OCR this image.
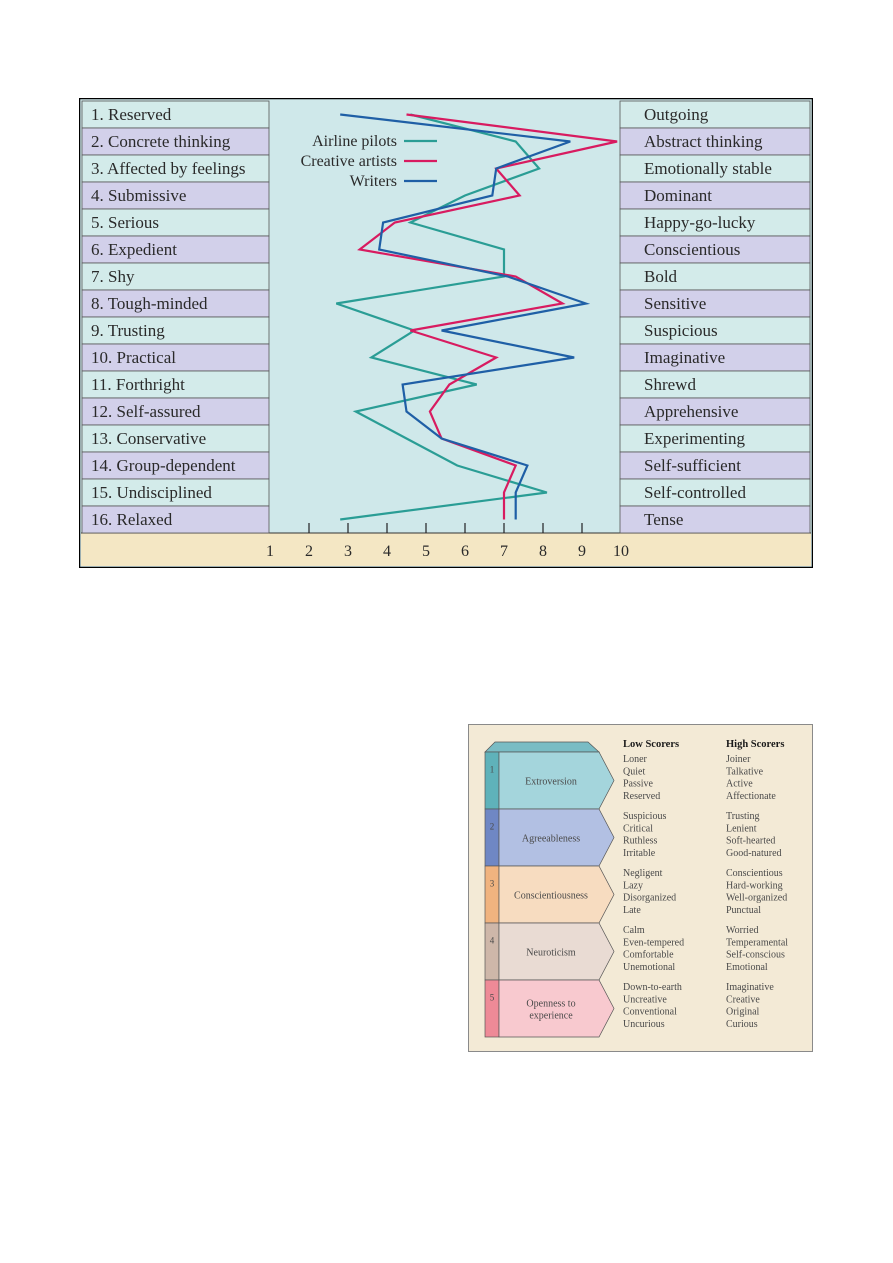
1. Reserved
2. Concrete thinking
3. Affected by feelings
4. Submissive
5. Serious
6. Expedient
7. Shy
8. Tough-minded
9. Trusting
10. Practical
11. Forthright
12. Self-assured
13. Conservative
14. Group-dependent
15. Undisciplined
16. Relaxed
Outgoing
Abstract thinking
Emotionally stable
Dominant
Happy-go-lucky
Conscientious
Bold
Sensitive
Suspicious
Imaginative
Shrewd
Apprehensive
Experimenting
Self-sufficient
Self-controlled
Tense
1 2 3 4 5 6 7 8 9 10
Airline pilots
Creative artists
Writers
Low Scorers	High Scorers
1
Extroversion
Loner
Quiet
Passive
Reserved
Joiner
Talkative
Active
Affectionate
2
Agreeableness
Suspicious
Critical
Ruthless
Irritable
Trusting
Lenient
Soft-hearted
Good-natured
3
Conscientiousness
Negligent
Lazy
Disorganized
Late
Conscientious
Hard-working
Well-organized
Punctual
4
Neuroticism
Calm
Even-tempered
Comfortable
Unemotional
Worried
Temperamental
Self-conscious
Emotional
5
Openness to
experience
Down-to-earth
Uncreative
Conventional
Uncurious
Imaginative
Creative
Original
Curious
